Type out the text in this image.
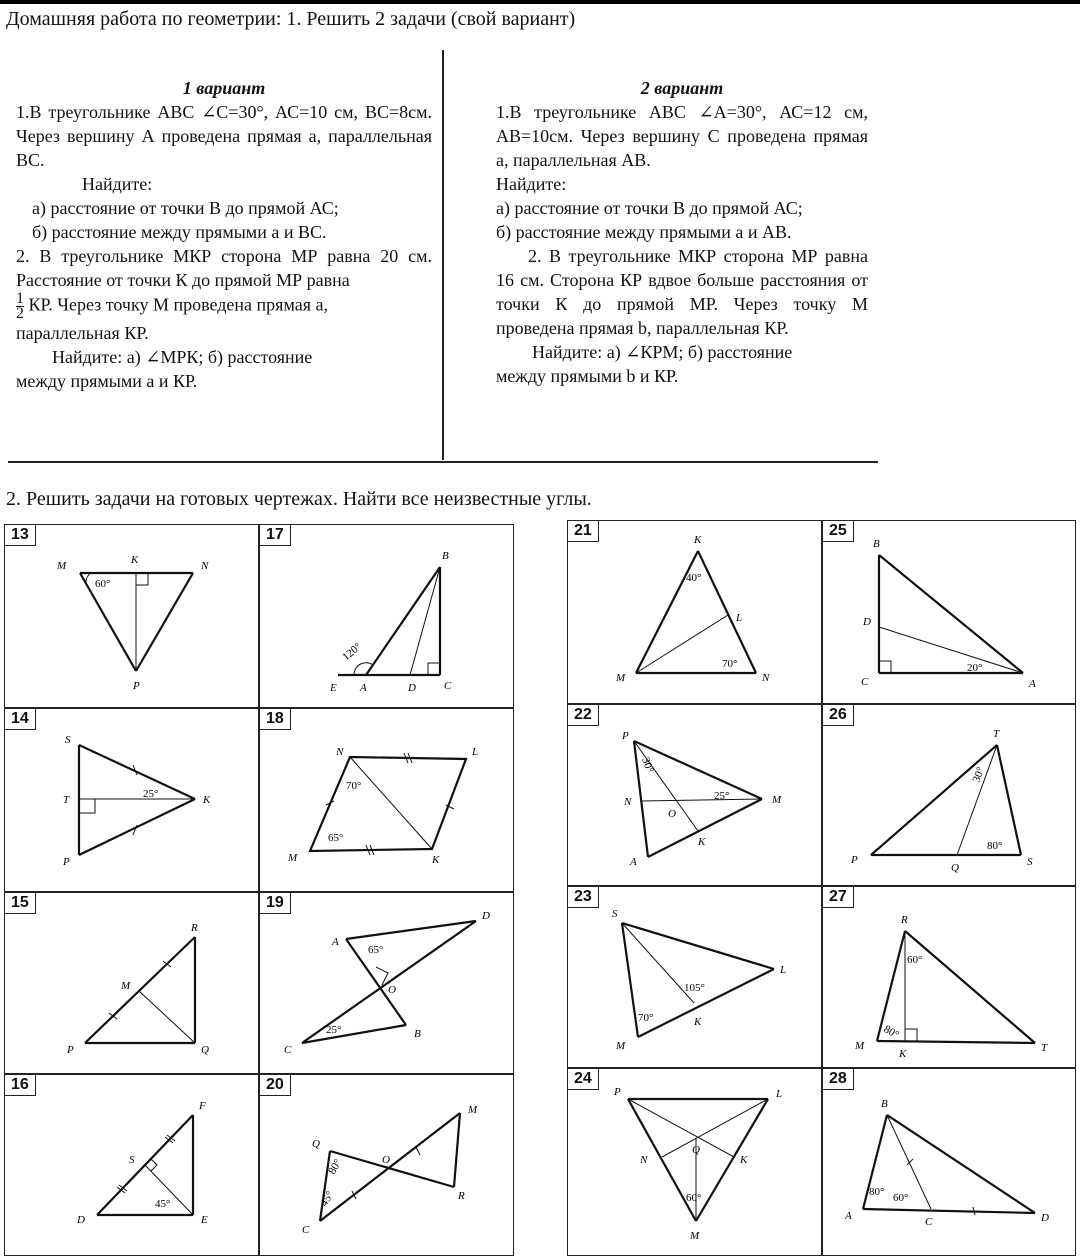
Домашняя работа по геометрии: 1. Решить 2 задачи (свой вариант)

1 вариант

1.В треугольнике АВС ∠С=30°, АС=10 см, ВС=8см. Через вершину А проведена прямая а, параллельная ВС.

Найдите:

а) расстояние от точки В до прямой АС;

б) расстояние между прямыми а и ВС.

2. В треугольнике МКР сторона МР равна 20 см. Расстояние от точки К до прямой МР равна

$\frac{1}{2}$ КР. Через точку М проведена прямая а,

параллельная КР.

Найдите: а) ∠МРК; б) расстояние

между прямыми а и КР.

2 вариант

1.В треугольнике АВС ∠А=30°, АС=12 см, АВ=10см. Через вершину С проведена прямая а, параллельная АВ.

Найдите:

а) расстояние от точки В до прямой АС;

б) расстояние между прямыми а и АВ.

2. В треугольнике МКР сторона МР равна 16 см. Сторона КР вдвое больше расстояния от точки К до прямой МР. Через точку М проведена прямая b, параллельная КР.

Найдите: а) ∠КРМ; б) расстояние

между прямыми b и КР.

2. Решить задачи на готовых чертежах. Найти все неизвестные углы.
13
M	K	N
P
60°
17
B
E A	D	C
120°
14
S
T	K
P
25°
18
N	L
M	K
70°
65°
15
R
M
P	Q
19
A
D
O
C
B
65°
25°
16
F
S
D	E
45°
20
Q
M
O
R
C
80°
45°
21
K
L
M	N
40°
70°
25
B
D
C	A
20°
22
P
N
O
M
K
A
30°
25°
26
T
P
Q	S
30°
80°
23
S
L
K
M
105°
70°
27
R
M
K	T
60°
80°
24
P	L
Q
N	K
M
60°
28
B
A	C	D
80° 60°
